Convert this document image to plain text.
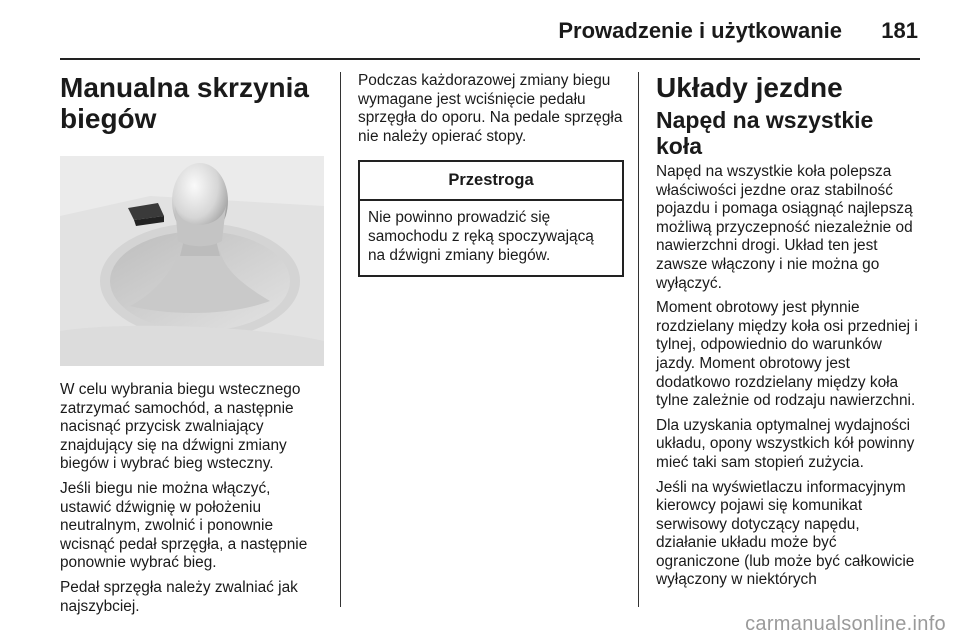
Prowadzenie i użytkowanie 181
Manualna skrzynia biegów

W celu wybrania biegu wstecznego zatrzymać samochód, a następnie nacisnąć przycisk zwalniający znajdujący się na dźwigni zmiany biegów i wybrać bieg wsteczny.

Jeśli biegu nie można włączyć, ustawić dźwignię w położeniu neutralnym, zwolnić i ponownie wcisnąć pedał sprzęgła, a następnie ponownie wybrać bieg.

Pedał sprzęgła należy zwalniać jak najszybciej.

Podczas każdorazowej zmiany biegu wymagane jest wciśnięcie pedału sprzęgła do oporu. Na pedale sprzęgła nie należy opierać stopy.

Przestroga

Nie powinno prowadzić się samochodu z ręką spoczywającą na dźwigni zmiany biegów.

Układy jezdne
Napęd na wszystkie koła

Napęd na wszystkie koła polepsza właściwości jezdne oraz stabilność pojazdu i pomaga osiągnąć najlepszą możliwą przyczepność niezależnie od nawierzchni drogi. Układ ten jest zawsze włączony i nie można go wyłączyć.

Moment obrotowy jest płynnie rozdzielany między koła osi przedniej i tylnej, odpowiednio do warunków jazdy. Moment obrotowy jest dodatkowo rozdzielany między koła tylne zależnie od rodzaju nawierzchni.

Dla uzyskania optymalnej wydajności układu, opony wszystkich kół powinny mieć taki sam stopień zużycia.

Jeśli na wyświetlaczu informacyjnym kierowcy pojawi się komunikat serwisowy dotyczący napędu, działanie układu może być ograniczone (lub może być całkowicie wyłączony w niektórych

carmanualsonline.info
